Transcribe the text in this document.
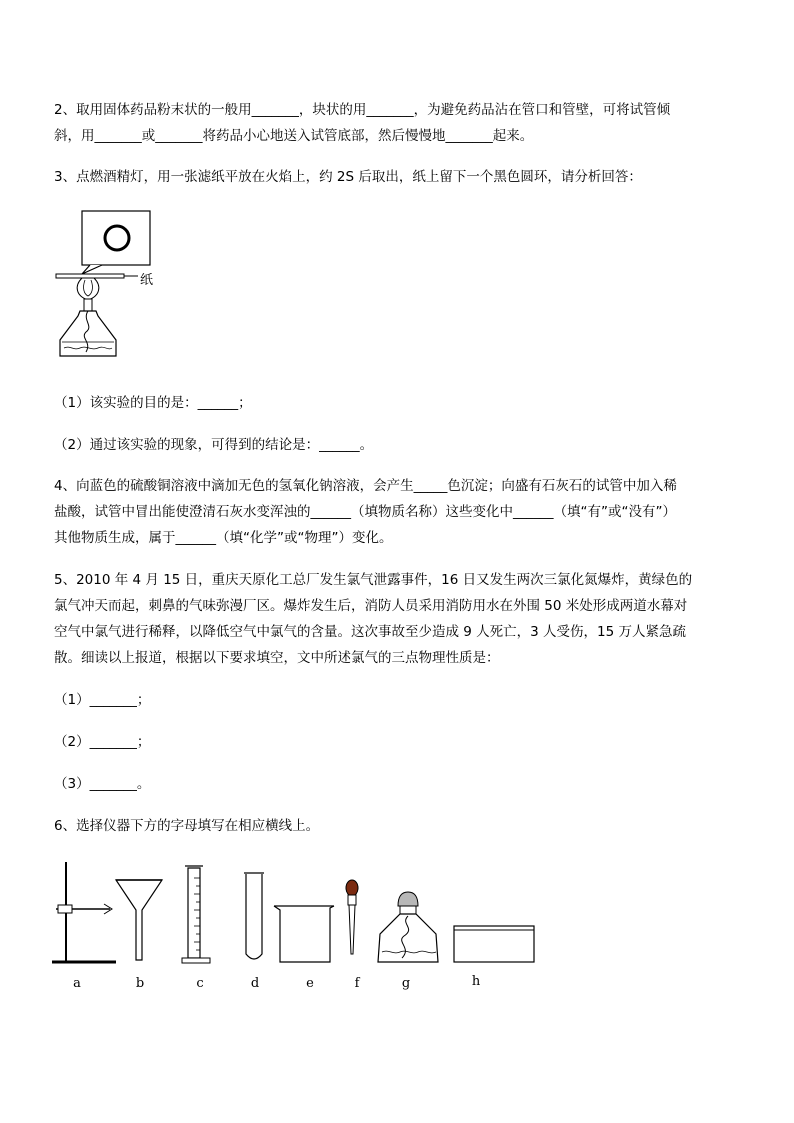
2、取用固体药品粉末状的一般用_______，块状的用_______，为避免药品沾在管口和管壁，可将试管倾
斜，用_______或_______将药品小心地送入试管底部，然后慢慢地_______起来。
3、点燃酒精灯，用一张滤纸平放在火焰上，约 2S 后取出，纸上留下一个黑色圆环，请分析回答：
纸
（1）该实验的目的是：______；
（2）通过该实验的现象，可得到的结论是：______。
4、向蓝色的硫酸铜溶液中滴加无色的氢氧化钠溶液，会产生_____色沉淀；向盛有石灰石的试管中加入稀
盐酸，试管中冒出能使澄清石灰水变浑浊的______（填物质名称）这些变化中______（填“有”或“没有”）
其他物质生成，属于______（填“化学”或“物理”）变化。
5、2010 年 4 月 15 日，重庆天原化工总厂发生氯气泄露事件，16 日又发生两次三氯化氮爆炸，黄绿色的
氯气冲天而起，刺鼻的气味弥漫厂区。爆炸发生后，消防人员采用消防用水在外围 50 米处形成两道水幕对
空气中氯气进行稀释，以降低空气中氯气的含量。这次事故至少造成 9 人死亡，3 人受伤，15 万人紧急疏
散。细读以上报道，根据以下要求填空，文中所述氯气的三点物理性质是：
（1）_______；
（2）_______；
（3）_______。
6、选择仪器下方的字母填写在相应横线上。
a	b	c	d	e	f	g	h
